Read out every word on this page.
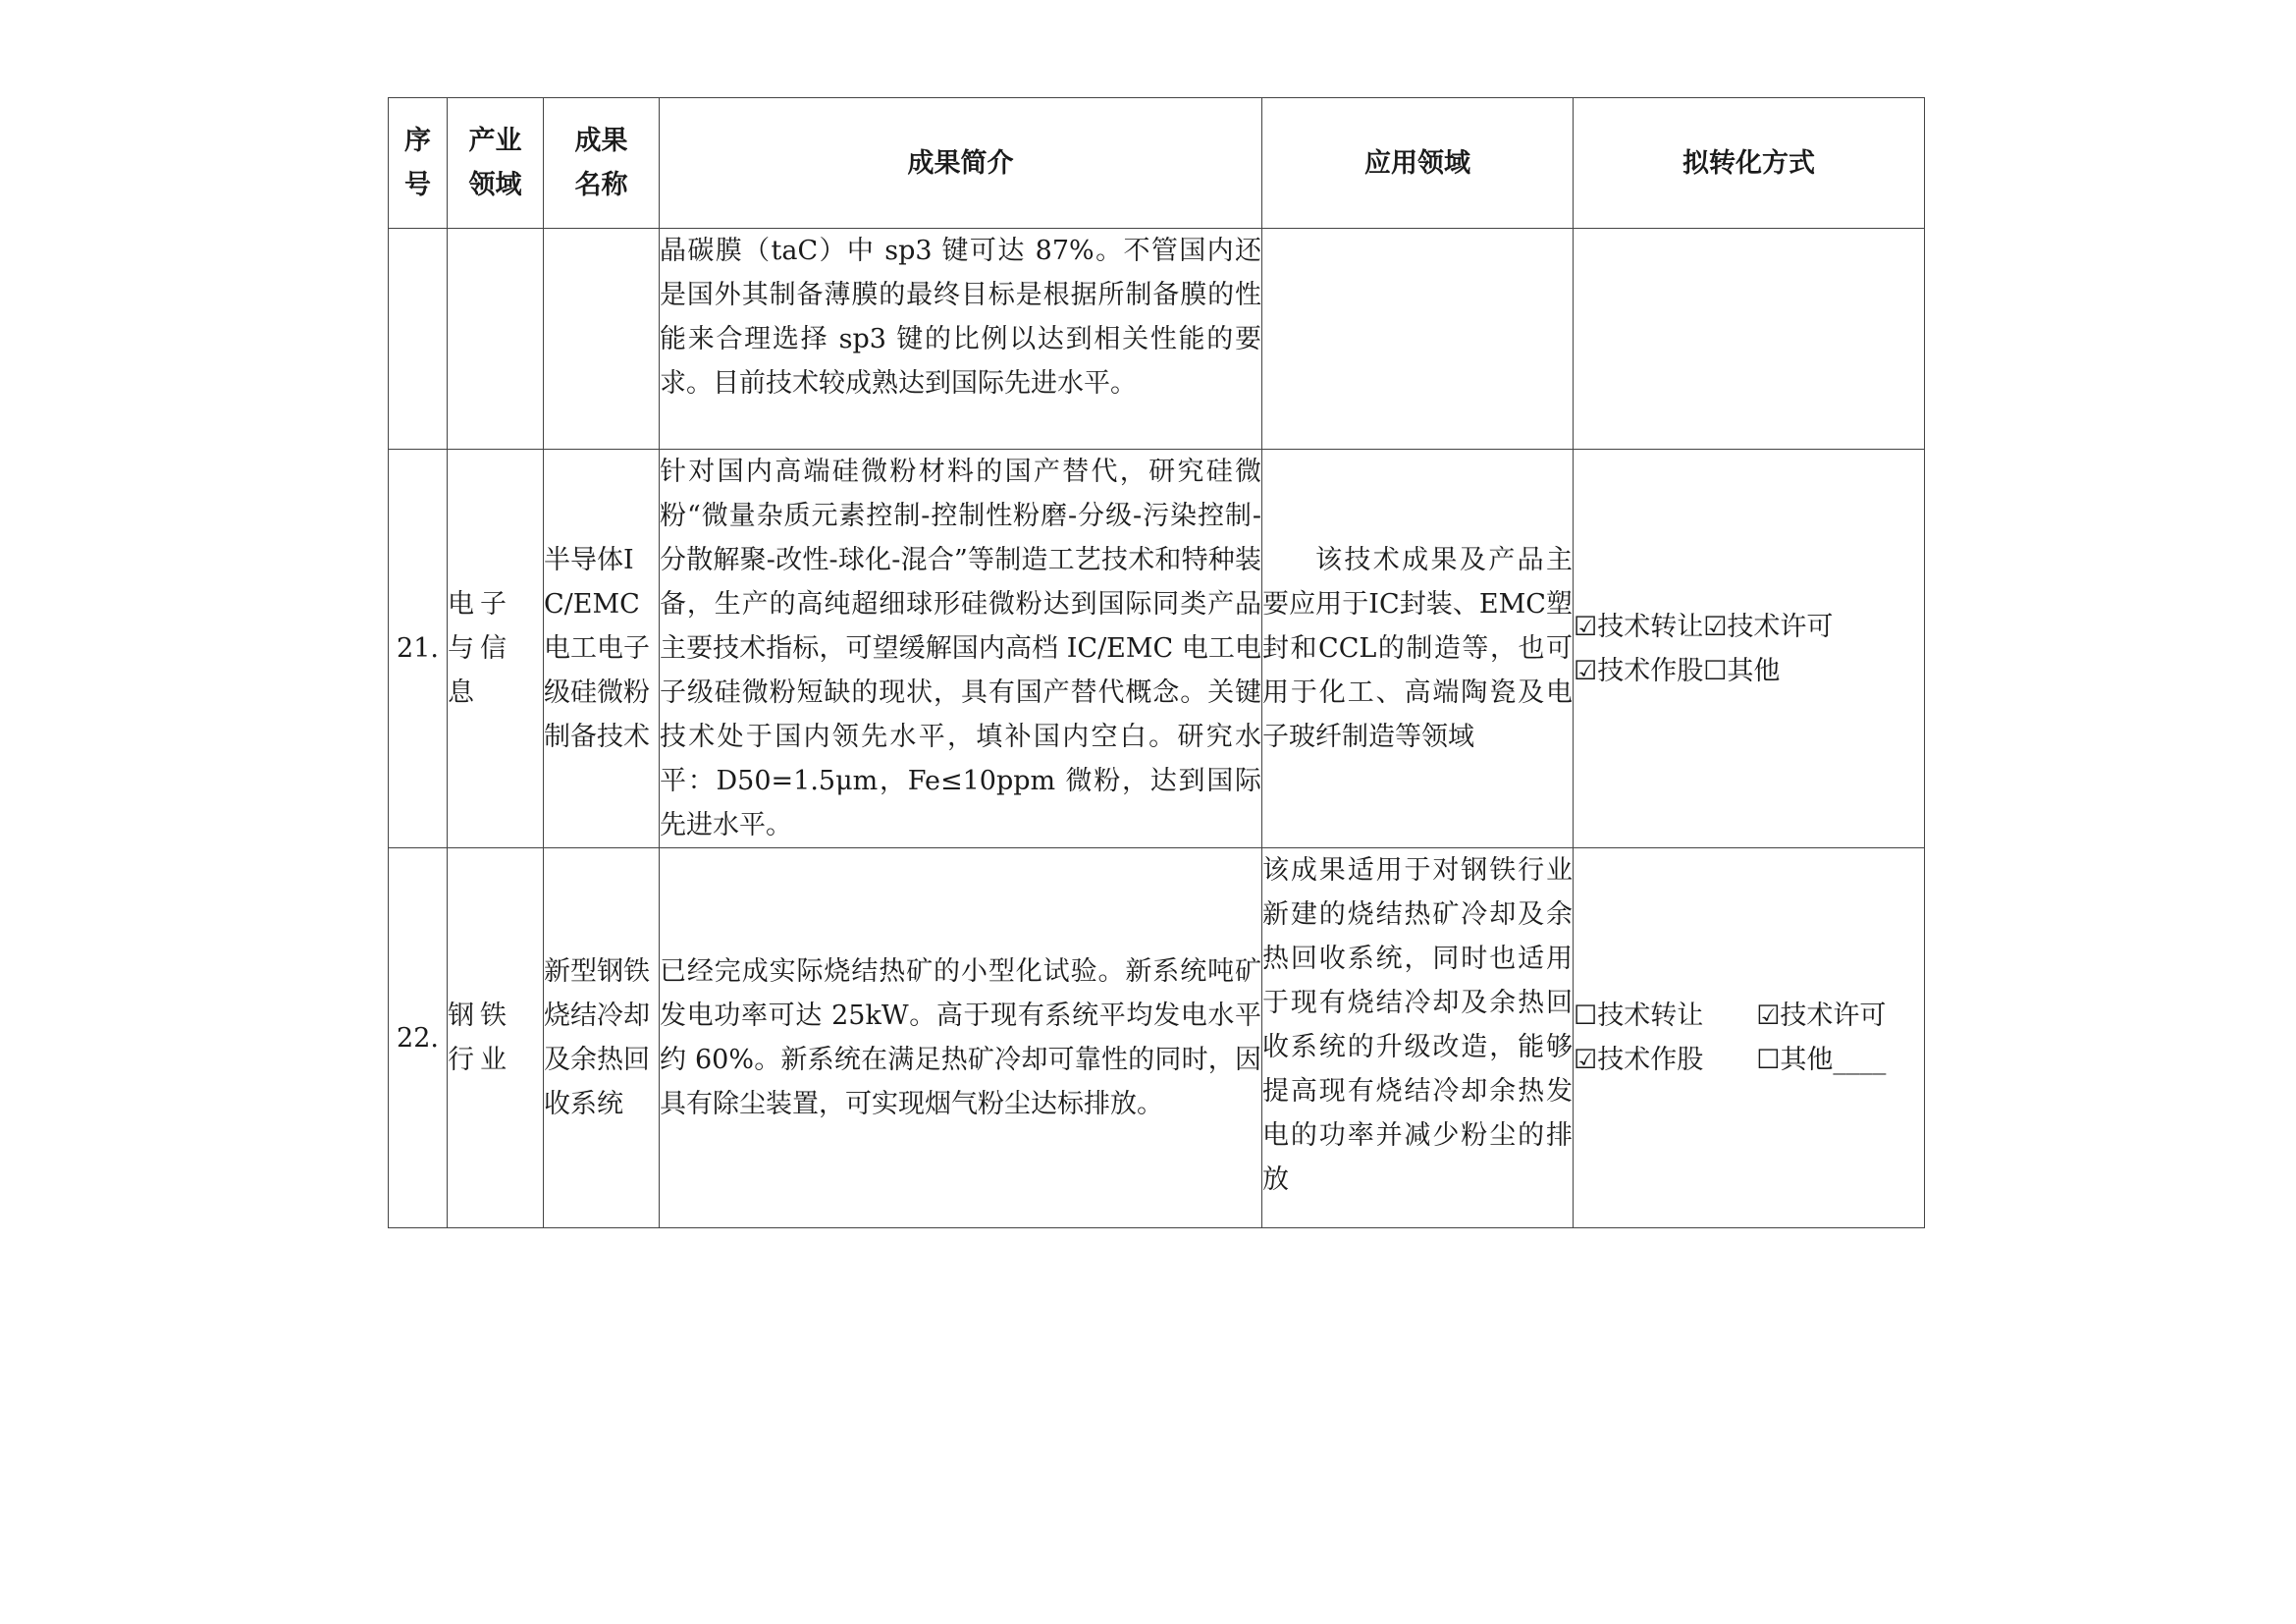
序号	产业领域	成果名称	成果简介	应用领域	拟转化方式
			晶碳膜（taC）中 sp3 键可达 87%。不管国内还是国外其制备薄膜的最终目标是根据所制备膜的性能来合理选择 sp3 键的比例以达到相关性能的要求。目前技术较成熟达到国际先进水平。		

21.	电子与信息	半导体IC/EMC电工电子级硅微粉制备技术	针对国内高端硅微粉材料的国产替代，研究硅微粉“微量杂质元素控制-控制性粉磨-分级-污染控制-分散解聚-改性-球化-混合”等制造工艺技术和特种装备，生产的高纯超细球形硅微粉达到国际同类产品主要技术指标，可望缓解国内高档 IC/EMC 电工电子级硅微粉短缺的现状，具有国产替代概念。关键技术处于国内领先水平，填补国内空白。研究水平：D50=1.5μm，Fe≤10ppm 微粉，达到国际先进水平。	该技术成果及产品主要应用于IC封装、EMC塑封和CCL的制造等，也可用于化工、高端陶瓷及电子玻纤制造等领域	☑技术转让☑技术许可
☑技术作股☐其他

22.	钢铁行业	新型钢铁烧结冷却及余热回收系统	已经完成实际烧结热矿的小型化试验。新系统吨矿发电功率可达 25kW。高于现有系统平均发电水平约 60%。新系统在满足热矿冷却可靠性的同时，因具有除尘装置，可实现烟气粉尘达标排放。	该成果适用于对钢铁行业新建的烧结热矿冷却及余热回收系统，同时也适用于现有烧结冷却及余热回收系统的升级改造，能够提高现有烧结冷却余热发电的功率并减少粉尘的排放	☐技术转让　　☑技术许可
☑技术作股　　☐其他____
